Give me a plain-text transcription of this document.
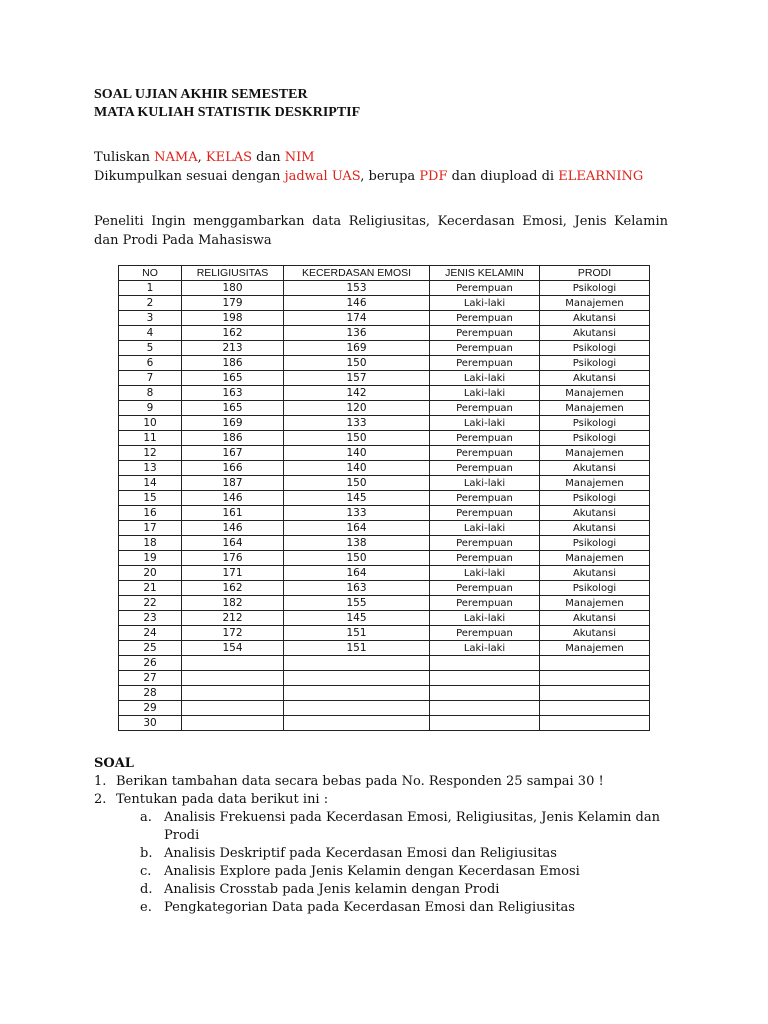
SOAL UJIAN AKHIR SEMESTER
MATA KULIAH STATISTIK DESKRIPTIF
Tuliskan NAMA, KELAS dan NIM
Dikumpulkan sesuai dengan jadwal UAS, berupa PDF dan diupload di ELEARNING
Peneliti Ingin menggambarkan data Religiusitas, Kecerdasan Emosi, Jenis Kelamin dan Prodi Pada Mahasiswa
NO	RELIGIUSITAS	KECERDASAN EMOSI	JENIS KELAMIN	PRODI
1	180	153	Perempuan	Psikologi
2	179	146	Laki-laki	Manajemen
3	198	174	Perempuan	Akutansi
4	162	136	Perempuan	Akutansi
5	213	169	Perempuan	Psikologi
6	186	150	Perempuan	Psikologi
7	165	157	Laki-laki	Akutansi
8	163	142	Laki-laki	Manajemen
9	165	120	Perempuan	Manajemen
10	169	133	Laki-laki	Psikologi
11	186	150	Perempuan	Psikologi
12	167	140	Perempuan	Manajemen
13	166	140	Perempuan	Akutansi
14	187	150	Laki-laki	Manajemen
15	146	145	Perempuan	Psikologi
16	161	133	Perempuan	Akutansi
17	146	164	Laki-laki	Akutansi
18	164	138	Perempuan	Psikologi
19	176	150	Perempuan	Manajemen
20	171	164	Laki-laki	Akutansi
21	162	163	Perempuan	Psikologi
22	182	155	Perempuan	Manajemen
23	212	145	Laki-laki	Akutansi
24	172	151	Perempuan	Akutansi
25	154	151	Laki-laki	Manajemen
26				
27				
28				
29				
30				
SOAL
1. Berikan tambahan data secara bebas pada No. Responden 25 sampai 30 !
2. Tentukan pada data berikut ini :
a. Analisis Frekuensi pada Kecerdasan Emosi, Religiusitas, Jenis Kelamin dan Prodi
b. Analisis Deskriptif pada Kecerdasan Emosi dan Religiusitas
c. Analisis Explore pada Jenis Kelamin dengan Kecerdasan Emosi
d. Analisis Crosstab pada Jenis kelamin dengan Prodi
e. Pengkategorian Data pada Kecerdasan Emosi dan Religiusitas
